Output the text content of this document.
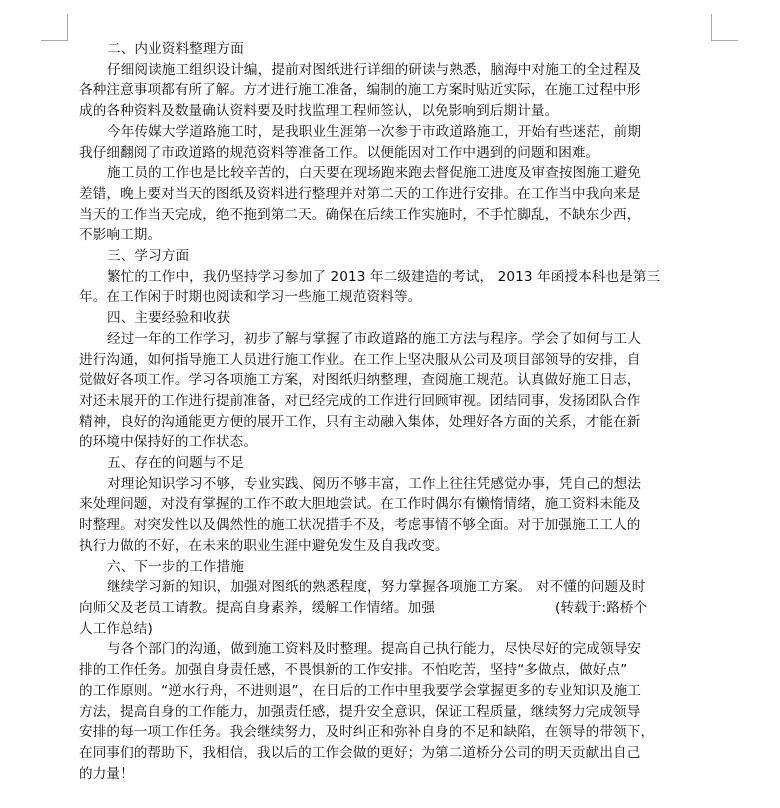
二、内业资料整理方面
仔细阅读施工组织设计编，提前对图纸进行详细的研读与熟悉，脑海中对施工的全过程及
各种注意事项都有所了解。方才进行施工准备，编制的施工方案时贴近实际，在施工过程中形
成的各种资料及数量确认资料要及时找监理工程师签认，以免影响到后期计量。
今年传媒大学道路施工时，是我职业生涯第一次参于市政道路施工，开始有些迷茫，前期
我仔细翻阅了市政道路的规范资料等准备工作。以便能因对工作中遇到的问题和困难。
施工员的工作也是比较辛苦的，白天要在现场跑来跑去督促施工进度及审查按图施工避免
差错，晚上要对当天的图纸及资料进行整理并对第二天的工作进行安排。在工作当中我向来是
当天的工作当天完成，绝不拖到第二天。确保在后续工作实施时，不手忙脚乱，不缺东少西，
不影响工期。
三、学习方面
繁忙的工作中，我仍坚持学习参加了 2013 年二级建造的考试， 2013 年函授本科也是第三
年。在工作闲于时期也阅读和学习一些施工规范资料等。
四、主要经验和收获
经过一年的工作学习，初步了解与掌握了市政道路的施工方法与程序。学会了如何与工人
进行沟通，如何指导施工人员进行施工作业。在工作上坚决服从公司及项目部领导的安排，自
觉做好各项工作。学习各项施工方案，对图纸归纳整理，查阅施工规范。认真做好施工日志，
对还未展开的工作进行提前准备，对已经完成的工作进行回顾审视。团结同事，发扬团队合作
精神，良好的沟通能更方便的展开工作，只有主动融入集体，处理好各方面的关系，才能在新
的环境中保持好的工作状态。
五、存在的问题与不足
对理论知识学习不够，专业实践、阅历不够丰富，工作上往往凭感觉办事，凭自己的想法
来处理问题，对没有掌握的工作不敢大胆地尝试。在工作时偶尔有懒惰情绪，施工资料未能及
时整理。对突发性以及偶然性的施工状况措手不及，考虑事情不够全面。对于加强施工工人的
执行力做的不好，在未来的职业生涯中避免发生及自我改变。
六、下一步的工作措施
继续学习新的知识，加强对图纸的熟悉程度，努力掌握各项施工方案。 对不懂的问题及时
向师父及老员工请教。提高自身素养，缓解工作情绪。加强	(转载于:路桥个
人工作总结)
与各个部门的沟通，做到施工资料及时整理。提高自己执行能力，尽快尽好的完成领导安
排的工作任务。加强自身责任感，不畏惧新的工作安排。不怕吃苦，坚持“多做点，做好点”
的工作原则。“逆水行舟，不进则退”，在日后的工作中里我要学会掌握更多的专业知识及施工
方法，提高自身的工作能力，加强责任感，提升安全意识，保证工程质量，继续努力完成领导
安排的每一项工作任务。我会继续努力，及时纠正和弥补自身的不足和缺陷，在领导的带领下，
在同事们的帮助下，我相信，我以后的工作会做的更好；为第二道桥分公司的明天贡献出自己
的力量！
